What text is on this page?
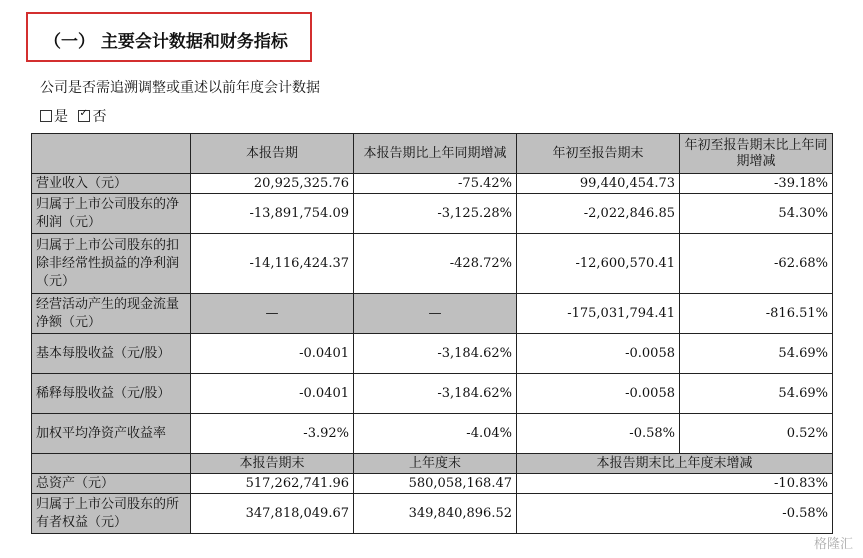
（一） 主要会计数据和财务指标
公司是否需追溯调整或重述以前年度会计数据
是 ✓ 否
	本报告期	本报告期比上年同期增减	年初至报告期末	年初至报告期末比上年同期增减
营业收入（元）	20,925,325.76	-75.42%	99,440,454.73	-39.18%
归属于上市公司股东的净利润（元）	-13,891,754.09	-3,125.28%	-2,022,846.85	54.30%
归属于上市公司股东的扣除非经常性损益的净利润（元）	-14,116,424.37	-428.72%	-12,600,570.41	-62.68%
经营活动产生的现金流量净额（元）	—	—	-175,031,794.41	-816.51%
基本每股收益（元/股）	-0.0401	-3,184.62%	-0.0058	54.69%
稀释每股收益（元/股）	-0.0401	-3,184.62%	-0.0058	54.69%
加权平均净资产收益率	-3.92%	-4.04%	-0.58%	0.52%
	本报告期末	上年度末	本报告期末比上年度末增减	
总资产（元）	517,262,741.96	580,058,168.47	-10.83%	
归属于上市公司股东的所有者权益（元）	347,818,049.67	349,840,896.52	-0.58%	
格隆汇
